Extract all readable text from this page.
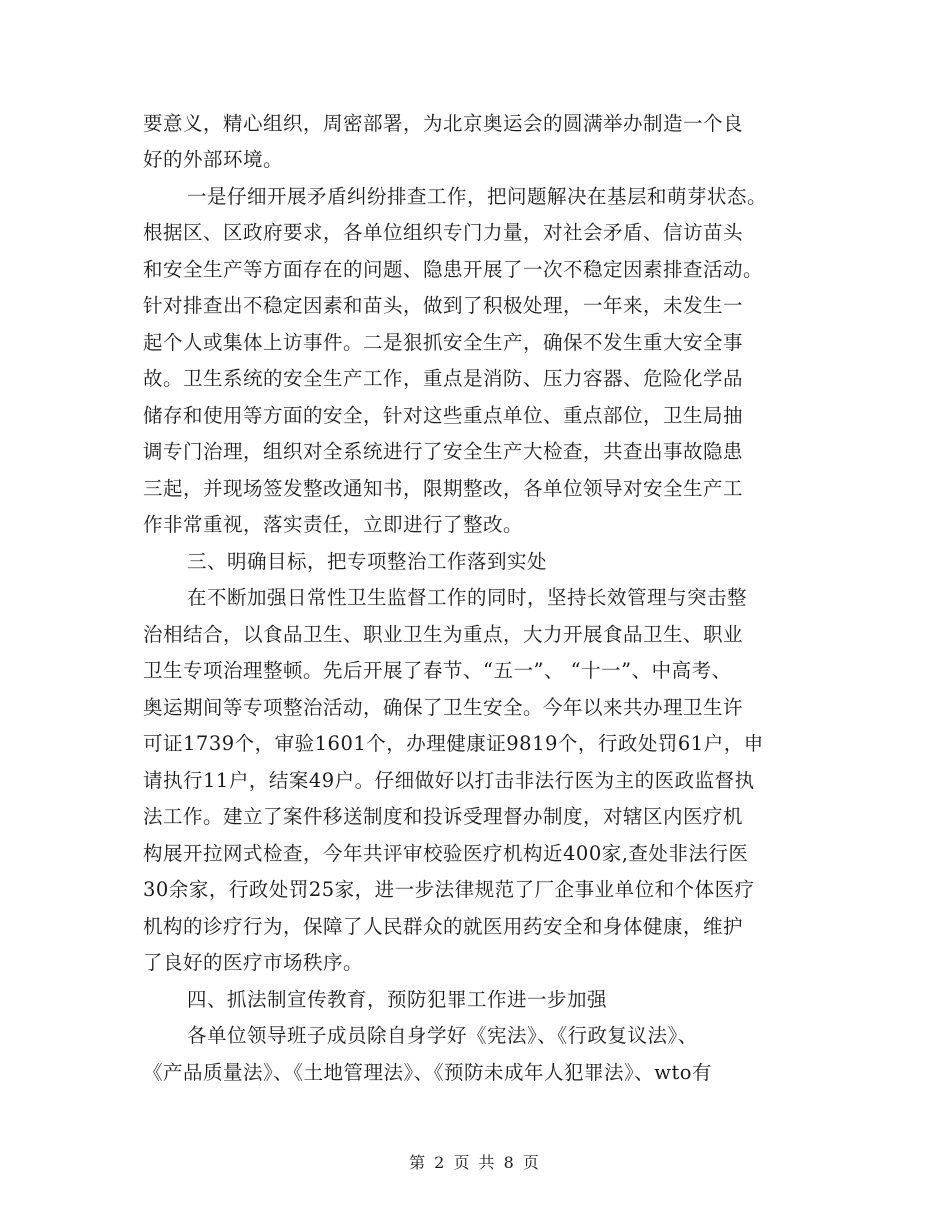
要意义，精心组织，周密部署，为北京奥运会的圆满举办制造一个良
好的外部环境。
一是仔细开展矛盾纠纷排查工作，把问题解决在基层和萌芽状态。
根据区、区政府要求，各单位组织专门力量，对社会矛盾、信访苗头
和安全生产等方面存在的问题、隐患开展了一次不稳定因素排查活动。
针对排查出不稳定因素和苗头，做到了积极处理，一年来，未发生一
起个人或集体上访事件。二是狠抓安全生产，确保不发生重大安全事
故。卫生系统的安全生产工作，重点是消防、压力容器、危险化学品
储存和使用等方面的安全，针对这些重点单位、重点部位，卫生局抽
调专门治理，组织对全系统进行了安全生产大检查，共查出事故隐患
三起，并现场签发整改通知书，限期整改，各单位领导对安全生产工
作非常重视，落实责任，立即进行了整改。
三、明确目标，把专项整治工作落到实处
在不断加强日常性卫生监督工作的同时，坚持长效管理与突击整
治相结合，以食品卫生、职业卫生为重点，大力开展食品卫生、职业
卫生专项治理整顿。先后开展了春节、“五一”、 “十一”、中高考、
奥运期间等专项整治活动，确保了卫生安全。今年以来共办理卫生许
可证1739个，审验1601个，办理健康证9819个，行政处罚61户，申
请执行11户，结案49户。仔细做好以打击非法行医为主的医政监督执
法工作。建立了案件移送制度和投诉受理督办制度，对辖区内医疗机
构展开拉网式检查，今年共评审校验医疗机构近400家,查处非法行医
30余家，行政处罚25家，进一步法律规范了厂企事业单位和个体医疗
机构的诊疗行为，保障了人民群众的就医用药安全和身体健康，维护
了良好的医疗市场秩序。
四、抓法制宣传教育，预防犯罪工作进一步加强
各单位领导班子成员除自身学好《宪法》、《行政复议法》、
《产品质量法》、《土地管理法》、《预防未成年人犯罪法》、wto有
第 2 页 共 8 页
